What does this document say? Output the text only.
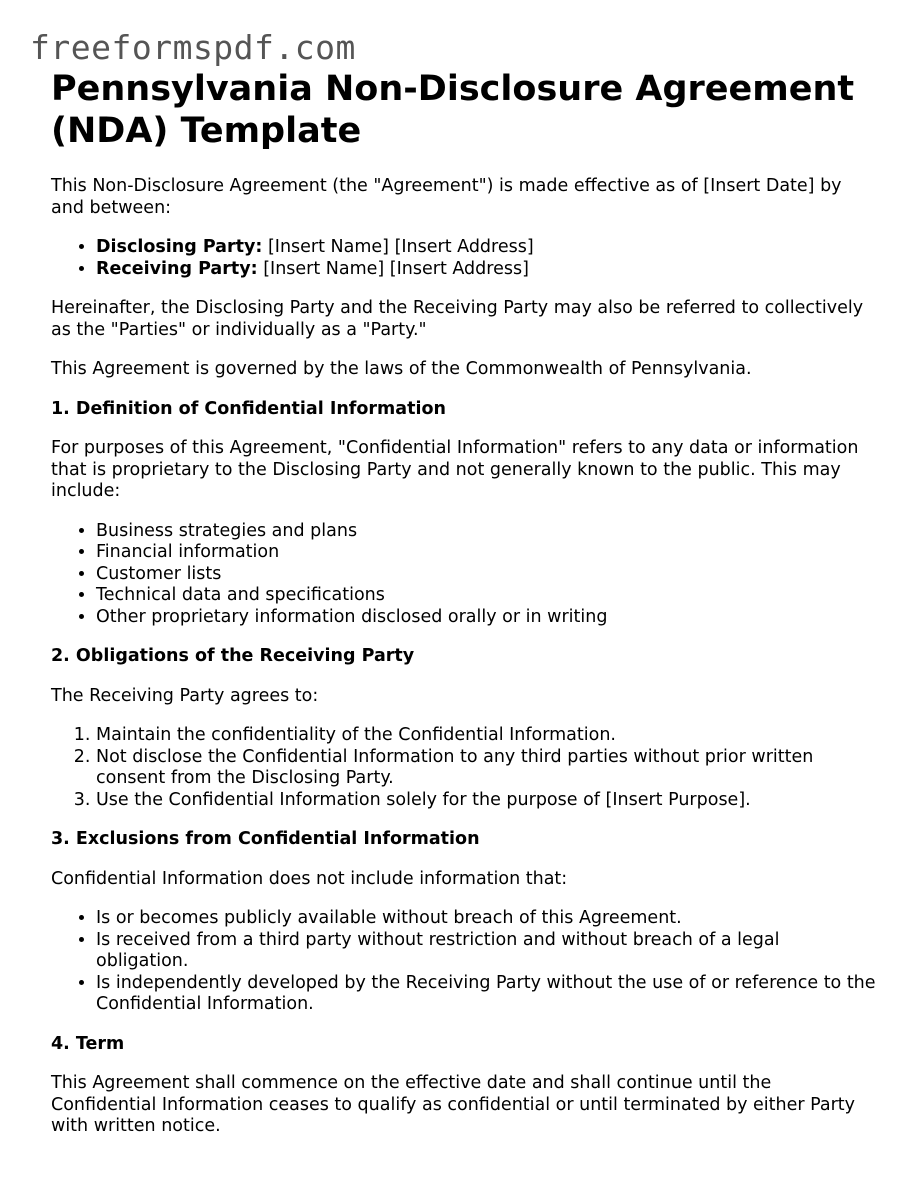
freeformspdf.com
Pennsylvania Non-Disclosure Agreement (NDA) Template

This Non-Disclosure Agreement (the "Agreement") is made effective as of [Insert Date] by and between:

• Disclosing Party: [Insert Name] [Insert Address]
• Receiving Party: [Insert Name] [Insert Address]

Hereinafter, the Disclosing Party and the Receiving Party may also be referred to collectively as the "Parties" or individually as a "Party."

This Agreement is governed by the laws of the Commonwealth of Pennsylvania.

1. Definition of Confidential Information

For purposes of this Agreement, "Confidential Information" refers to any data or information that is proprietary to the Disclosing Party and not generally known to the public. This may include:

• Business strategies and plans
• Financial information
• Customer lists
• Technical data and specifications
• Other proprietary information disclosed orally or in writing

2. Obligations of the Receiving Party

The Receiving Party agrees to:

1. Maintain the confidentiality of the Confidential Information.
2. Not disclose the Confidential Information to any third parties without prior written consent from the Disclosing Party.
3. Use the Confidential Information solely for the purpose of [Insert Purpose].

3. Exclusions from Confidential Information

Confidential Information does not include information that:

• Is or becomes publicly available without breach of this Agreement.
• Is received from a third party without restriction and without breach of a legal obligation.
• Is independently developed by the Receiving Party without the use of or reference to the Confidential Information.

4. Term

This Agreement shall commence on the effective date and shall continue until the Confidential Information ceases to qualify as confidential or until terminated by either Party with written notice.
